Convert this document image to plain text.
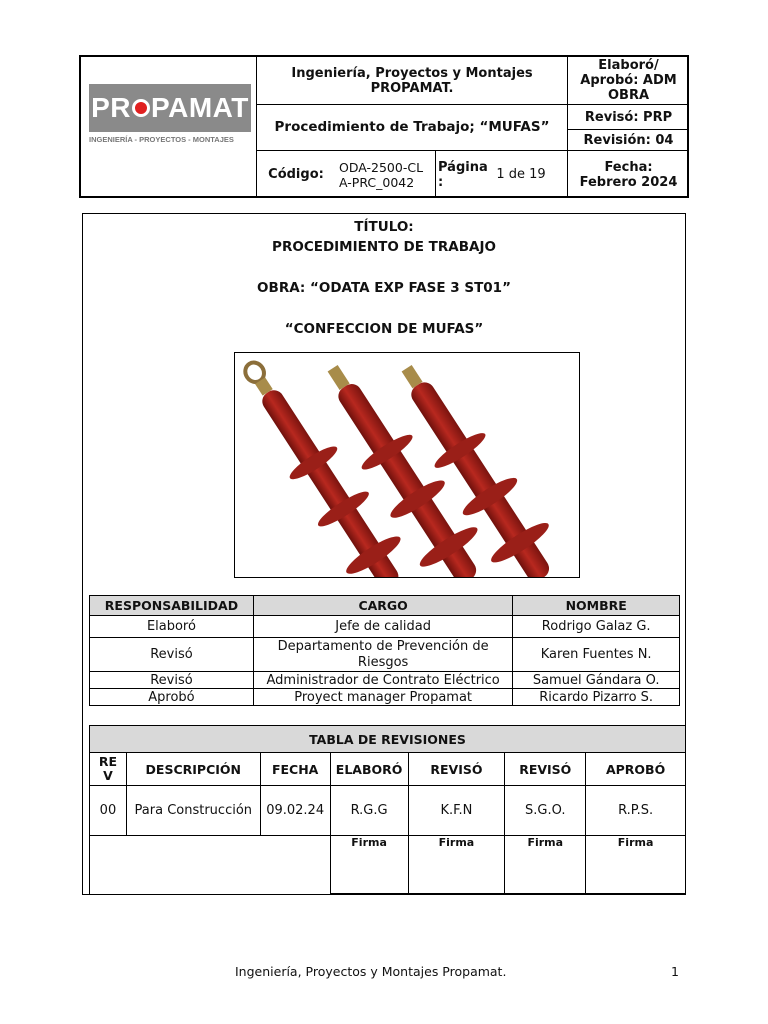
PR PAMAT
INGENIERÍA - PROYECTOS - MONTAJES
Ingeniería, Proyectos y Montajes PROPAMAT.
Procedimiento de Trabajo; “MUFAS”
Elaboró/ Aprobó: ADM OBRA
Revisó: PRP
Revisión: 04
Fecha: Febrero 2024
Código:	ODA-2500-CLA-PRC_0042
Página :	1 de 19
TÍTULO:
PROCEDIMIENTO DE TRABAJO
OBRA: “ODATA EXP FASE 3 ST01”
“CONFECCION DE MUFAS”
RESPONSABILIDAD	CARGO	NOMBRE
Elaboró	Jefe de calidad	Rodrigo Galaz G.
Revisó	Departamento de Prevención de Riesgos	Karen Fuentes N.
Revisó	Administrador de Contrato Eléctrico	Samuel Gándara O.
Aprobó	Proyect manager Propamat	Ricardo Pizarro S.
TABLA DE REVISIONES						
RE V	DESCRIPCIÓN	FECHA	ELABORÓ	REVISÓ	REVISÓ	APROBÓ
00	Para Construcción	09.02.24	R.G.G	K.F.N	S.G.O.	R.P.S.
			Firma	Firma	Firma	Firma
Ingeniería, Proyectos y Montajes Propamat.	1
